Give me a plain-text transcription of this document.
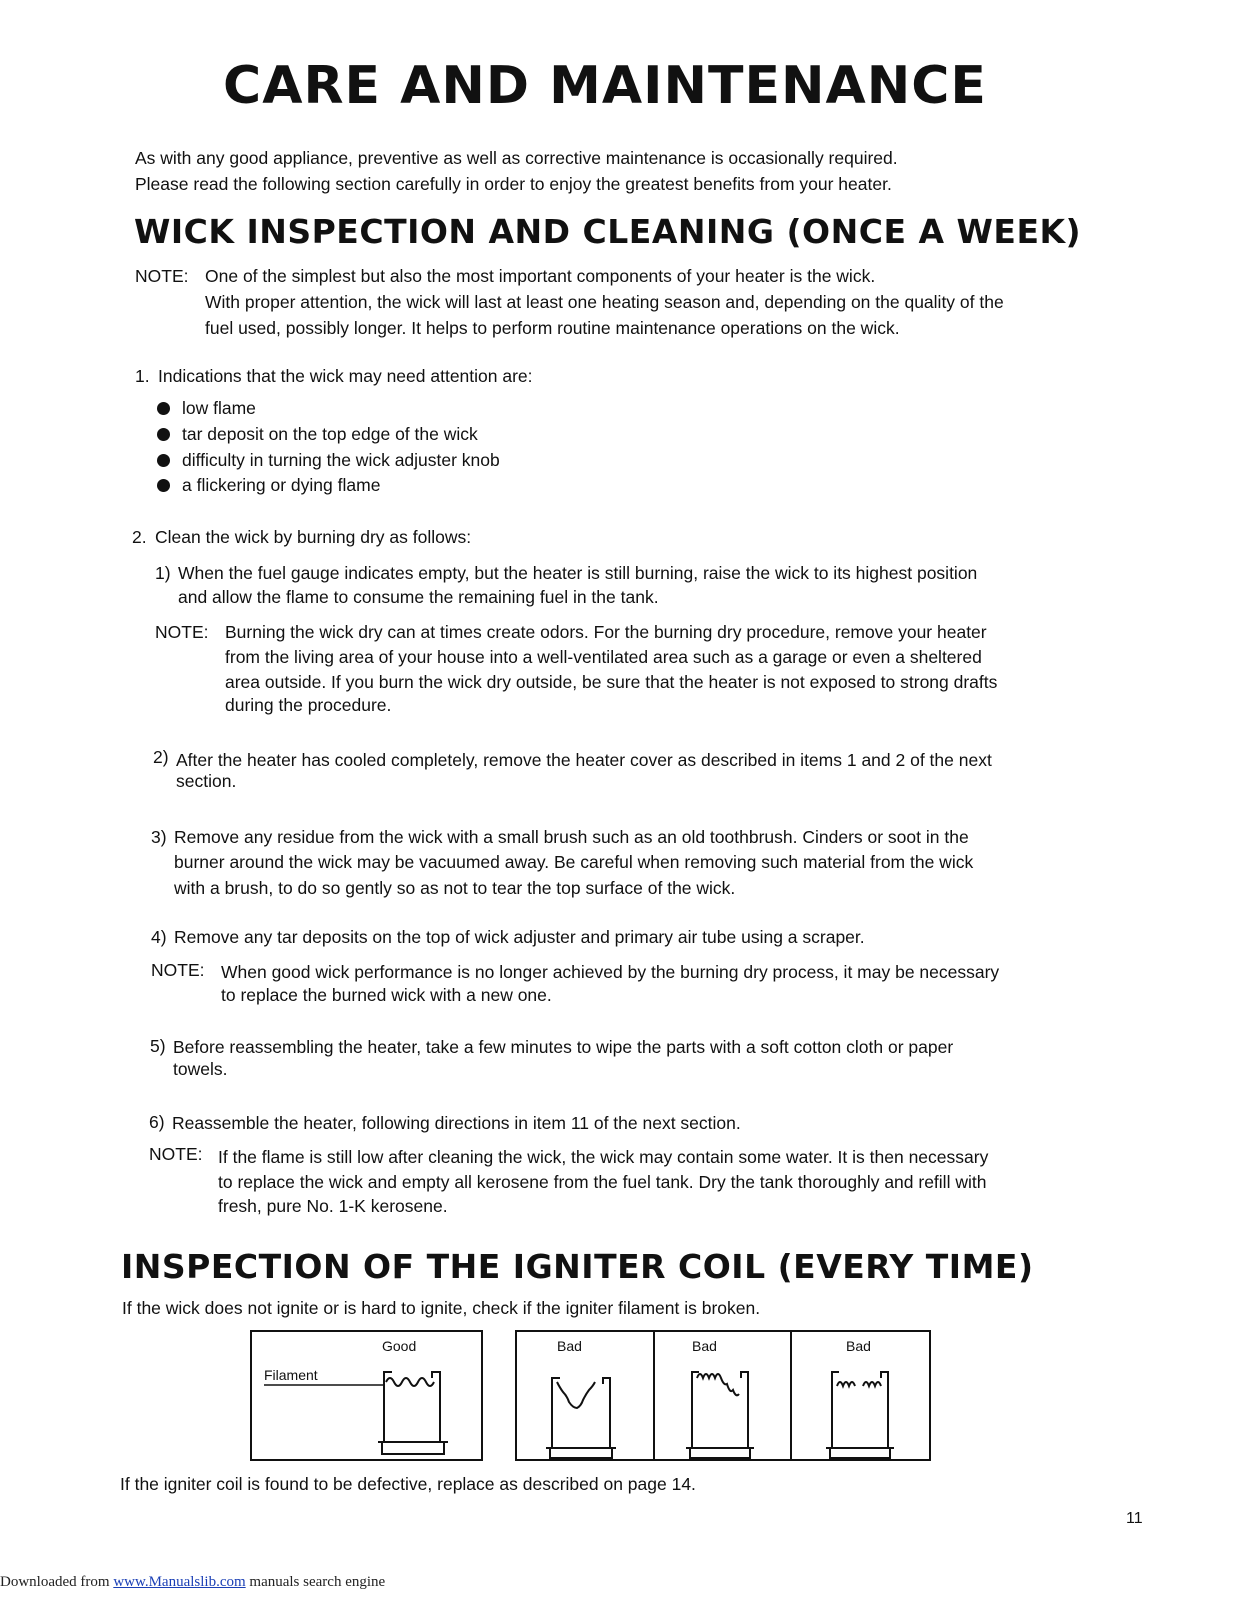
CARE AND MAINTENANCE
As with any good appliance, preventive as well as corrective maintenance is occasionally required.
Please read the following section carefully in order to enjoy the greatest benefits from your heater.
WICK INSPECTION AND CLEANING (ONCE A WEEK)
NOTE: One of the simplest but also the most important components of your heater is the wick.
With proper attention, the wick will last at least one heating season and, depending on the quality of the
fuel used, possibly longer. It helps to perform routine maintenance operations on the wick.
1. Indications that the wick may need attention are:
low flame
tar deposit on the top edge of the wick
difficulty in turning the wick adjuster knob
a flickering or dying flame
2. Clean the wick by burning dry as follows:
1) When the fuel gauge indicates empty, but the heater is still burning, raise the wick to its highest position
and allow the flame to consume the remaining fuel in the tank.
NOTE: Burning the wick dry can at times create odors. For the burning dry procedure, remove your heater
from the living area of your house into a well-ventilated area such as a garage or even a sheltered
area outside. If you burn the wick dry outside, be sure that the heater is not exposed to strong drafts
during the procedure.
2) After the heater has cooled completely, remove the heater cover as described in items 1 and 2 of the next
section.
3) Remove any residue from the wick with a small brush such as an old toothbrush. Cinders or soot in the
burner around the wick may be vacuumed away. Be careful when removing such material from the wick
with a brush, to do so gently so as not to tear the top surface of the wick.
4) Remove any tar deposits on the top of wick adjuster and primary air tube using a scraper.
NOTE: When good wick performance is no longer achieved by the burning dry process, it may be necessary
to replace the burned wick with a new one.
5) Before reassembling the heater, take a few minutes to wipe the parts with a soft cotton cloth or paper
towels.
6) Reassemble the heater, following directions in item 11 of the next section.
NOTE: If the flame is still low after cleaning the wick, the wick may contain some water. It is then necessary
to replace the wick and empty all kerosene from the fuel tank. Dry the tank thoroughly and refill with
fresh, pure No. 1-K kerosene.
INSPECTION OF THE IGNITER COIL (EVERY TIME)
If the wick does not ignite or is hard to ignite, check if the igniter filament is broken.
Good
Filament
Bad	Bad	Bad
If the igniter coil is found to be defective, replace as described on page 14.
11
Downloaded from www.Manualslib.com manuals search engine
